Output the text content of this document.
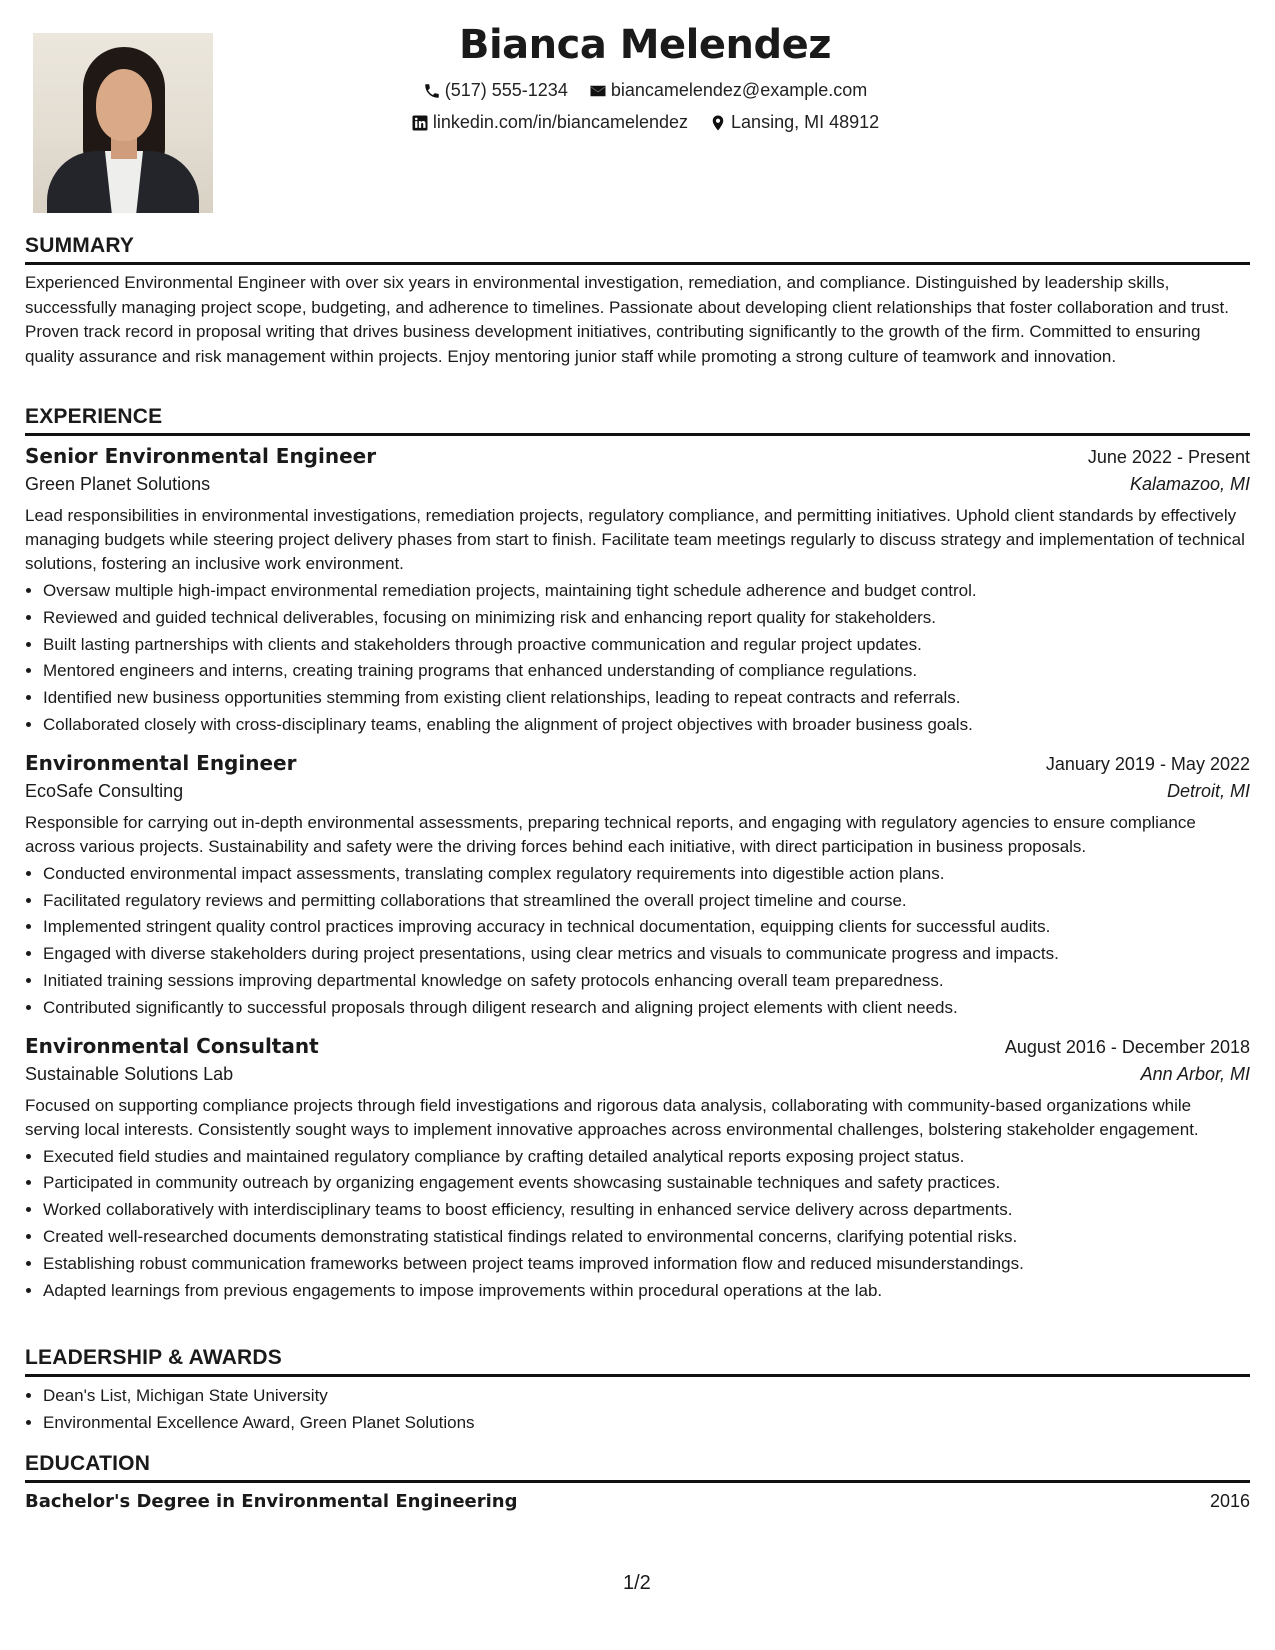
Bianca Melendez
(517) 555-1234
biancamelendez@example.com
linkedin.com/in/biancamelendez
Lansing, MI 48912
SUMMARY

Experienced Environmental Engineer with over six years in environmental investigation, remediation, and compliance. Distinguished by leadership skills, successfully managing project scope, budgeting, and adherence to timelines. Passionate about developing client relationships that foster collaboration and trust. Proven track record in proposal writing that drives business development initiatives, contributing significantly to the growth of the firm. Committed to ensuring quality assurance and risk management within projects. Enjoy mentoring junior staff while promoting a strong culture of teamwork and innovation.

EXPERIENCE
Senior Environmental Engineer	June 2022 - Present
Green Planet Solutions	Kalamazoo, MI
Lead responsibilities in environmental investigations, remediation projects, regulatory compliance, and permitting initiatives. Uphold client standards by effectively managing budgets while steering project delivery phases from start to finish. Facilitate team meetings regularly to discuss strategy and implementation of technical solutions, fostering an inclusive work environment.
• Oversaw multiple high-impact environmental remediation projects, maintaining tight schedule adherence and budget control.
• Reviewed and guided technical deliverables, focusing on minimizing risk and enhancing report quality for stakeholders.
• Built lasting partnerships with clients and stakeholders through proactive communication and regular project updates.
• Mentored engineers and interns, creating training programs that enhanced understanding of compliance regulations.
• Identified new business opportunities stemming from existing client relationships, leading to repeat contracts and referrals.
• Collaborated closely with cross-disciplinary teams, enabling the alignment of project objectives with broader business goals.
Environmental Engineer	January 2019 - May 2022
EcoSafe Consulting	Detroit, MI
Responsible for carrying out in-depth environmental assessments, preparing technical reports, and engaging with regulatory agencies to ensure compliance across various projects. Sustainability and safety were the driving forces behind each initiative, with direct participation in business proposals.
• Conducted environmental impact assessments, translating complex regulatory requirements into digestible action plans.
• Facilitated regulatory reviews and permitting collaborations that streamlined the overall project timeline and course.
• Implemented stringent quality control practices improving accuracy in technical documentation, equipping clients for successful audits.
• Engaged with diverse stakeholders during project presentations, using clear metrics and visuals to communicate progress and impacts.
• Initiated training sessions improving departmental knowledge on safety protocols enhancing overall team preparedness.
• Contributed significantly to successful proposals through diligent research and aligning project elements with client needs.
Environmental Consultant	August 2016 - December 2018
Sustainable Solutions Lab	Ann Arbor, MI
Focused on supporting compliance projects through field investigations and rigorous data analysis, collaborating with community-based organizations while serving local interests. Consistently sought ways to implement innovative approaches across environmental challenges, bolstering stakeholder engagement.
• Executed field studies and maintained regulatory compliance by crafting detailed analytical reports exposing project status.
• Participated in community outreach by organizing engagement events showcasing sustainable techniques and safety practices.
• Worked collaboratively with interdisciplinary teams to boost efficiency, resulting in enhanced service delivery across departments.
• Created well-researched documents demonstrating statistical findings related to environmental concerns, clarifying potential risks.
• Establishing robust communication frameworks between project teams improved information flow and reduced misunderstandings.
• Adapted learnings from previous engagements to impose improvements within procedural operations at the lab.
LEADERSHIP & AWARDS
• Dean's List, Michigan State University
• Environmental Excellence Award, Green Planet Solutions
EDUCATION
Bachelor's Degree in Environmental Engineering	2016
1/2
